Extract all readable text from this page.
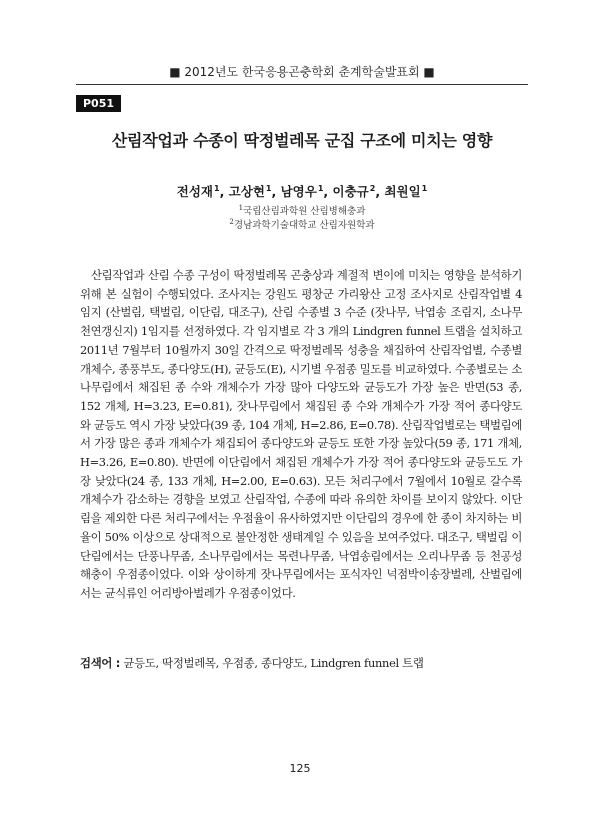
■ 2012년도 한국응용곤충학회 춘계학술발표회 ■
P051
산림작업과 수종이 딱정벌레목 군집 구조에 미치는 영향
전성재$^1$, 고상현$^1$, 남영우$^1$, 이충규$^2$, 최원일$^1$
$^1$국립산림과학원 산림병해충과
$^2$경남과학기술대학교 산림자원학과

산림작업과 산림 수종 구성이 딱정벌레목 곤충상과 계절적 변이에 미치는 영향을 분석하기 위해 본 실험이 수행되었다. 조사지는 강원도 평창군 가리왕산 고정 조사지로 산림작업별 4 임지 (산벌림, 택벌림, 이단림, 대조구), 산림 수종별 3 수준 (잣나무, 낙엽송 조림지, 소나무 천연갱신지) 1임지를 선정하였다. 각 임지별로 각 3 개의 Lindgren funnel 트랩을 설치하고 2011년 7월부터 10월까지 30일 간격으로 딱정벌레목 성충을 채집하여 산림작업별, 수종별 개체수, 종풍부도, 종다양도(H), 균등도(E), 시기별 우점종 밀도를 비교하였다. 수종별로는 소나무림에서 채집된 종 수와 개체수가 가장 많아 다양도와 균등도가 가장 높은 반면(53 종, 152 개체, H=3.23, E=0.81), 잣나무림에서 채집된 종 수와 개체수가 가장 적어 종다양도와 균등도 역시 가장 낮았다(39 종, 104 개체, H=2.86, E=0.78). 산림작업별로는 택벌림에서 가장 많은 종과 개체수가 채집되어 종다양도와 균등도 또한 가장 높았다(59 종, 171 개체, H=3.26, E=0.80). 반면에 이단림에서 채집된 개체수가 가장 적어 종다양도와 균등도도 가장 낮았다(24 종, 133 개체, H=2.00, E=0.63). 모든 처리구에서 7월에서 10월로 갈수록 개체수가 감소하는 경향을 보였고 산림작업, 수종에 따라 유의한 차이를 보이지 않았다. 이단림을 제외한 다른 처리구에서는 우점율이 유사하였지만 이단림의 경우에 한 종이 차지하는 비율이 50% 이상으로 상대적으로 불안정한 생태계일 수 있음을 보여주었다. 대조구, 택벌림 이단림에서는 단풍나무좀, 소나무림에서는 목련나무좀, 낙엽송림에서는 오리나무좀 등 천공성 해충이 우점종이었다. 이와 상이하게 잣나무림에서는 포식자인 넉점박이송장벌레, 산벌림에서는 균식류인 어리방아벌레가 우점종이었다.

검색어 : 균등도, 딱정벌레목, 우점종, 종다양도, Lindgren funnel 트랩
125
